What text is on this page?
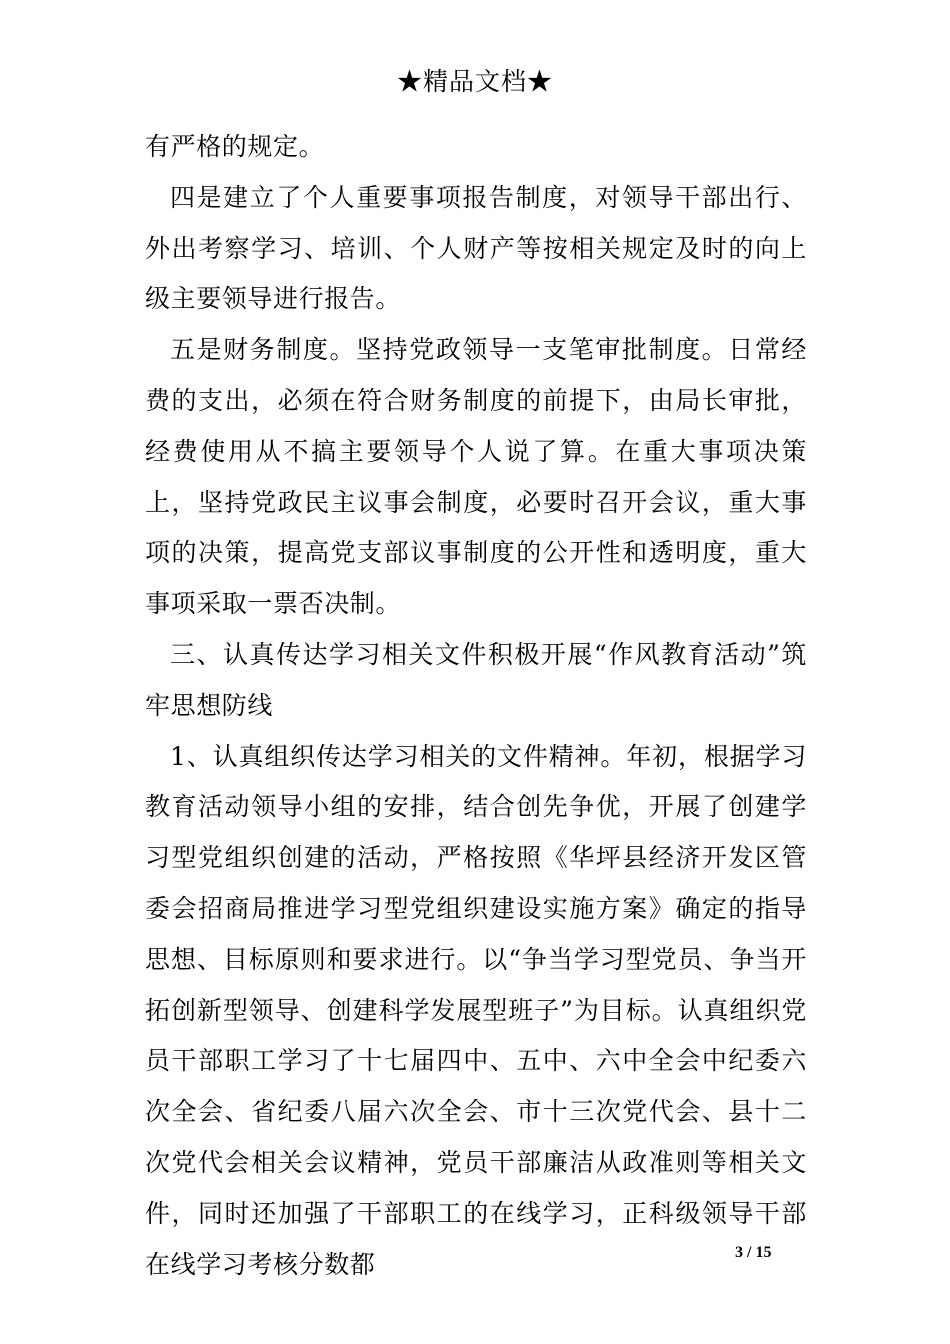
★精品文档★

有严格的规定。

四是建立了个人重要事项报告制度，对领导干部出行、外出考察学习、培训、个人财产等按相关规定及时的向上级主要领导进行报告。

五是财务制度。坚持党政领导一支笔审批制度。日常经费的支出，必须在符合财务制度的前提下，由局长审批，经费使用从不搞主要领导个人说了算。在重大事项决策上，坚持党政民主议事会制度，必要时召开会议，重大事项的决策，提高党支部议事制度的公开性和透明度，重大事项采取一票否决制。

三、认真传达学习相关文件积极开展“作风教育活动”筑牢思想防线

1、认真组织传达学习相关的文件精神。年初，根据学习教育活动领导小组的安排，结合创先争优，开展了创建学习型党组织创建的活动，严格按照《华坪县经济开发区管委会招商局推进学习型党组织建设实施方案》确定的指导思想、目标原则和要求进行。以“争当学习型党员、争当开拓创新型领导、创建科学发展型班子”为目标。认真组织党员干部职工学习了十七届四中、五中、六中全会中纪委六次全会、省纪委八届六次全会、市十三次党代会、县十二次党代会相关会议精神，党员干部廉洁从政准则等相关文件，同时还加强了干部职工的在线学习，正科级领导干部在线学习考核分数都	3 / 15
